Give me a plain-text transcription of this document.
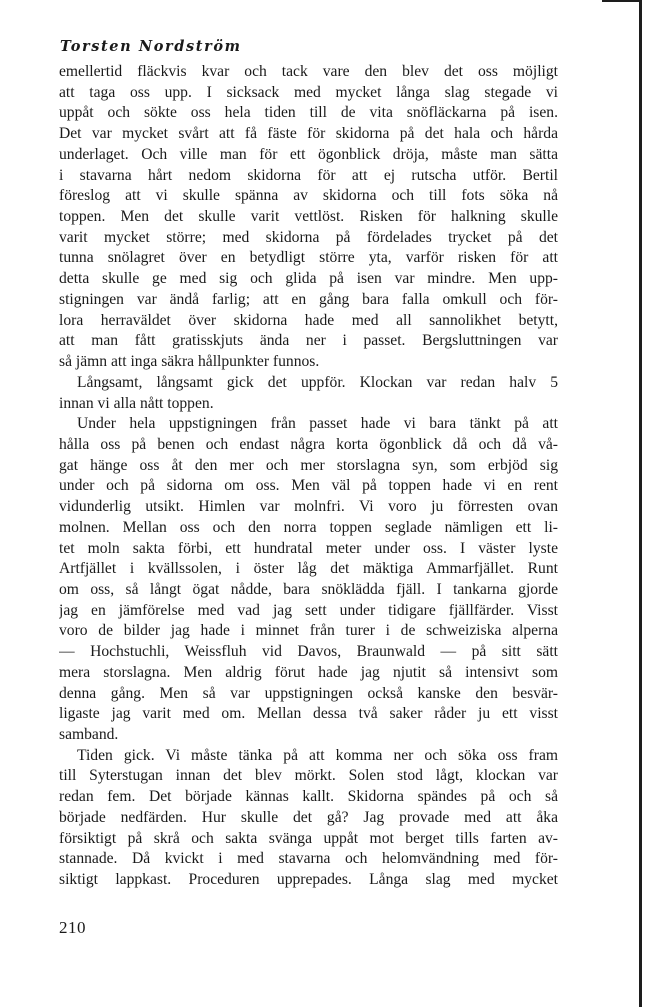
Torsten Nordström
emellertid fläckvis kvar och tack vare den blev det oss möjligt
att taga oss upp. I sicksack med mycket långa slag stegade vi
uppåt och sökte oss hela tiden till de vita snöfläckarna på isen.
Det var mycket svårt att få fäste för skidorna på det hala och hårda
underlaget. Och ville man för ett ögonblick dröja, måste man sätta
i stavarna hårt nedom skidorna för att ej rutscha utför. Bertil
föreslog att vi skulle spänna av skidorna och till fots söka nå
toppen. Men det skulle varit vettlöst. Risken för halkning skulle
varit mycket större; med skidorna på fördelades trycket på det
tunna snölagret över en betydligt större yta, varför risken för att
detta skulle ge med sig och glida på isen var mindre. Men upp-
stigningen var ändå farlig; att en gång bara falla omkull och för-
lora herraväldet över skidorna hade med all sannolikhet betytt,
att man fått gratisskjuts ända ner i passet. Bergsluttningen var
så jämn att inga säkra hållpunkter funnos.
Långsamt, långsamt gick det uppför. Klockan var redan halv 5
innan vi alla nått toppen.
Under hela uppstigningen från passet hade vi bara tänkt på att
hålla oss på benen och endast några korta ögonblick då och då vå-
gat hänge oss åt den mer och mer storslagna syn, som erbjöd sig
under och på sidorna om oss. Men väl på toppen hade vi en rent
vidunderlig utsikt. Himlen var molnfri. Vi voro ju förresten ovan
molnen. Mellan oss och den norra toppen seglade nämligen ett li-
tet moln sakta förbi, ett hundratal meter under oss. I väster lyste
Artfjället i kvällssolen, i öster låg det mäktiga Ammarfjället. Runt
om oss, så långt ögat nådde, bara snöklädda fjäll. I tankarna gjorde
jag en jämförelse med vad jag sett under tidigare fjällfärder. Visst
voro de bilder jag hade i minnet från turer i de schweiziska alperna
— Hochstuchli, Weissfluh vid Davos, Braunwald — på sitt sätt
mera storslagna. Men aldrig förut hade jag njutit så intensivt som
denna gång. Men så var uppstigningen också kanske den besvär-
ligaste jag varit med om. Mellan dessa två saker råder ju ett visst
samband.
Tiden gick. Vi måste tänka på att komma ner och söka oss fram
till Syterstugan innan det blev mörkt. Solen stod lågt, klockan var
redan fem. Det började kännas kallt. Skidorna spändes på och så
började nedfärden. Hur skulle det gå? Jag provade med att åka
försiktigt på skrå och sakta svänga uppåt mot berget tills farten av-
stannade. Då kvickt i med stavarna och helomvändning med för-
siktigt lappkast. Proceduren upprepades. Långa slag med mycket
210
